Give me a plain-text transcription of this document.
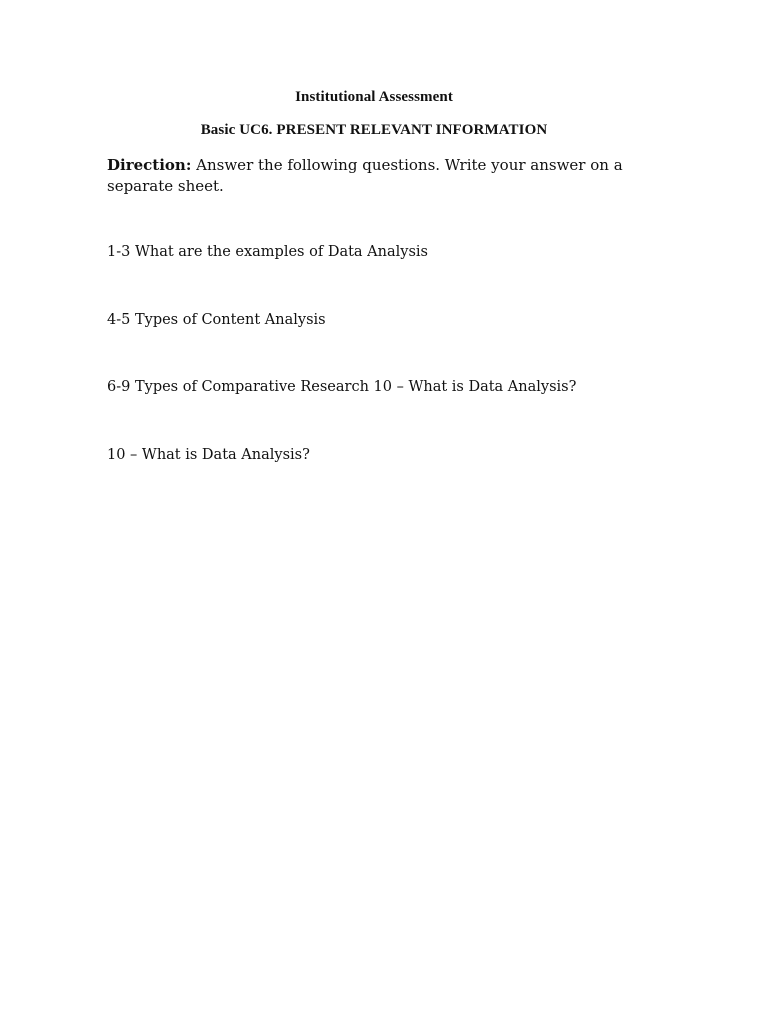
Institutional Assessment
Basic UC6. PRESENT RELEVANT INFORMATION
Direction: Answer the following questions. Write your answer on a separate sheet.
1-3 What are the examples of Data Analysis
4-5 Types of Content Analysis
6-9 Types of Comparative Research 10 – What is Data Analysis?
10 – What is Data Analysis?
